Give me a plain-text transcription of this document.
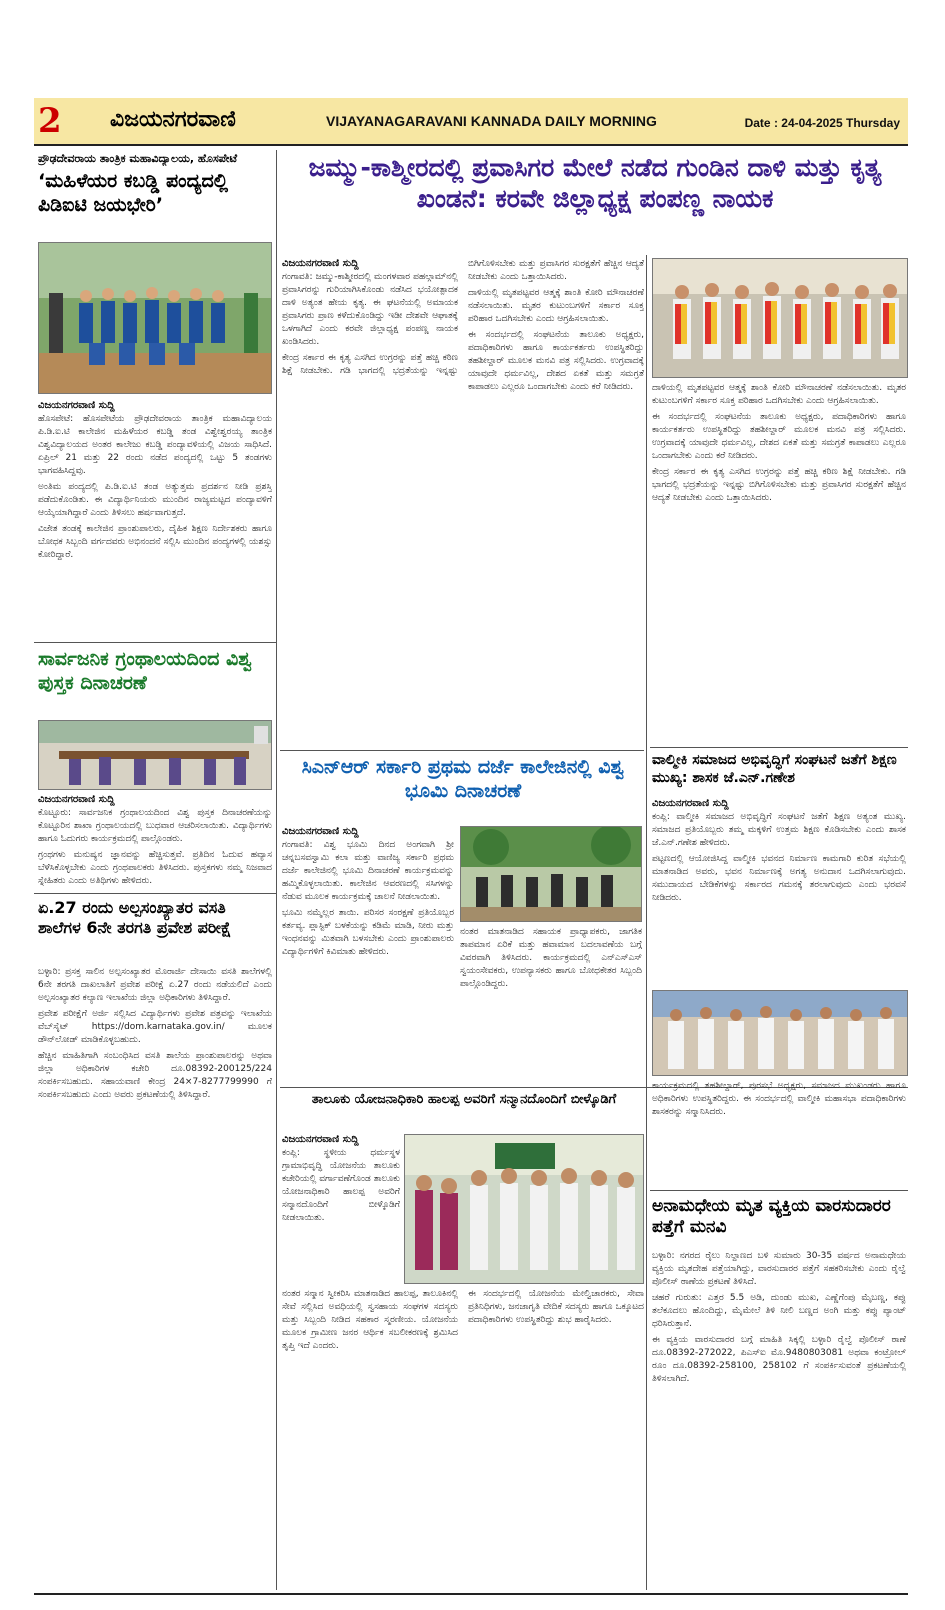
2	ವಿಜಯನಗರವಾಣಿ	VIJAYANAGARAVANI KANNADA DAILY MORNING	Date : 24-04-2025 Thursday
ಪ್ರೌಢದೇವರಾಯ ತಾಂತ್ರಿಕ ಮಹಾವಿದ್ಯಾಲಯ, ಹೊಸಪೇಟೆ
‘ಮಹಿಳೆಯರ ಕಬಡ್ಡಿ ಪಂದ್ಯದಲ್ಲಿ ಪಿಡಿಐಟಿ ಜಯಭೇರಿ’
ವಿಜಯನಗರವಾಣಿ ಸುದ್ದಿ

ಹೊಸಪೇಟೆ: ಹೊಸಪೇಟೆಯ ಪ್ರೌಢದೇವರಾಯ ತಾಂತ್ರಿಕ ಮಹಾವಿದ್ಯಾಲಯ ಪಿ.ಡಿ.ಐ.ಟಿ ಕಾಲೇಜಿನ ಮಹಿಳೆಯರ ಕಬಡ್ಡಿ ತಂಡ ವಿಶ್ವೇಶ್ವರಯ್ಯ ತಾಂತ್ರಿಕ ವಿಶ್ವವಿದ್ಯಾಲಯದ ಅಂತರ ಕಾಲೇಜು ಕಬಡ್ಡಿ ಪಂದ್ಯಾವಳಿಯಲ್ಲಿ ವಿಜಯ ಸಾಧಿಸಿದೆ. ಏಪ್ರಿಲ್ 21 ಮತ್ತು 22 ರಂದು ನಡೆದ ಪಂದ್ಯದಲ್ಲಿ ಒಟ್ಟು 5 ತಂಡಗಳು ಭಾಗವಹಿಸಿದ್ದವು.

ಅಂತಿಮ ಪಂದ್ಯದಲ್ಲಿ ಪಿ.ಡಿ.ಐ.ಟಿ ತಂಡ ಅತ್ಯುತ್ತಮ ಪ್ರದರ್ಶನ ನೀಡಿ ಪ್ರಶಸ್ತಿ ಪಡೆದುಕೊಂಡಿತು. ಈ ವಿದ್ಯಾರ್ಥಿನಿಯರು ಮುಂದಿನ ರಾಜ್ಯಮಟ್ಟದ ಪಂದ್ಯಾವಳಿಗೆ ಆಯ್ಕೆಯಾಗಿದ್ದಾರೆ ಎಂದು ತಿಳಿಸಲು ಹರ್ಷವಾಗುತ್ತದೆ.

ವಿಜೇತ ತಂಡಕ್ಕೆ ಕಾಲೇಜಿನ ಪ್ರಾಂಶುಪಾಲರು, ದೈಹಿಕ ಶಿಕ್ಷಣ ನಿರ್ದೇಶಕರು ಹಾಗೂ ಬೋಧಕ ಸಿಬ್ಬಂದಿ ವರ್ಗದವರು ಅಭಿನಂದನೆ ಸಲ್ಲಿಸಿ ಮುಂದಿನ ಪಂದ್ಯಗಳಲ್ಲಿ ಯಶಸ್ಸು ಕೋರಿದ್ದಾರೆ.

ಸಾರ್ವಜನಿಕ ಗ್ರಂಥಾಲಯದಿಂದ ವಿಶ್ವ ಪುಸ್ತಕ ದಿನಾಚರಣೆ
ವಿಜಯನಗರವಾಣಿ ಸುದ್ದಿ

ಕೊಟ್ಟೂರು: ಸಾರ್ವಜನಿಕ ಗ್ರಂಥಾಲಯದಿಂದ ವಿಶ್ವ ಪುಸ್ತಕ ದಿನಾಚರಣೆಯನ್ನು ಕೊಟ್ಟೂರಿನ ಶಾಖಾ ಗ್ರಂಥಾಲಯದಲ್ಲಿ ಬುಧವಾರ ಆಚರಿಸಲಾಯಿತು. ವಿದ್ಯಾರ್ಥಿಗಳು ಹಾಗೂ ಓದುಗರು ಕಾರ್ಯಕ್ರಮದಲ್ಲಿ ಪಾಲ್ಗೊಂಡರು.

ಗ್ರಂಥಗಳು ಮನುಷ್ಯನ ಜ್ಞಾನವನ್ನು ಹೆಚ್ಚಿಸುತ್ತವೆ. ಪ್ರತಿದಿನ ಓದುವ ಹವ್ಯಾಸ ಬೆಳೆಸಿಕೊಳ್ಳಬೇಕು ಎಂದು ಗ್ರಂಥಪಾಲಕರು ತಿಳಿಸಿದರು. ಪುಸ್ತಕಗಳು ನಮ್ಮ ನಿಜವಾದ ಸ್ನೇಹಿತರು ಎಂದು ಅತಿಥಿಗಳು ಹೇಳಿದರು.

ಏ.27 ರಂದು ಅಲ್ಪಸಂಖ್ಯಾತರ ವಸತಿ ಶಾಲೆಗಳ 6ನೇ ತರಗತಿ ಪ್ರವೇಶ ಪರೀಕ್ಷೆ

ಬಳ್ಳಾರಿ: ಪ್ರಸಕ್ತ ಸಾಲಿನ ಅಲ್ಪಸಂಖ್ಯಾತರ ಮೊರಾರ್ಜಿ ದೇಸಾಯಿ ವಸತಿ ಶಾಲೆಗಳಲ್ಲಿ 6ನೇ ತರಗತಿ ದಾಖಲಾತಿಗೆ ಪ್ರವೇಶ ಪರೀಕ್ಷೆ ಏ.27 ರಂದು ನಡೆಯಲಿದೆ ಎಂದು ಅಲ್ಪಸಂಖ್ಯಾತರ ಕಲ್ಯಾಣ ಇಲಾಖೆಯ ಜಿಲ್ಲಾ ಅಧಿಕಾರಿಗಳು ತಿಳಿಸಿದ್ದಾರೆ.

ಪ್ರವೇಶ ಪರೀಕ್ಷೆಗೆ ಅರ್ಜಿ ಸಲ್ಲಿಸಿದ ವಿದ್ಯಾರ್ಥಿಗಳು ಪ್ರವೇಶ ಪತ್ರವನ್ನು ಇಲಾಖೆಯ ವೆಬ್‌ಸೈಟ್ https://dom.karnataka.gov.in/ ಮೂಲಕ ಡೌನ್‌ಲೋಡ್ ಮಾಡಿಕೊಳ್ಳಬಹುದು.

ಹೆಚ್ಚಿನ ಮಾಹಿತಿಗಾಗಿ ಸಂಬಂಧಿಸಿದ ವಸತಿ ಶಾಲೆಯ ಪ್ರಾಂಶುಪಾಲರನ್ನು ಅಥವಾ ಜಿಲ್ಲಾ ಅಧಿಕಾರಿಗಳ ಕಚೇರಿ ದೂ.08392-200125/224 ಸಂಪರ್ಕಿಸಬಹುದು. ಸಹಾಯವಾಣಿ ಕೇಂದ್ರ 24×7-8277799990 ಗೆ ಸಂಪರ್ಕಿಸಬಹುದು ಎಂದು ಅವರು ಪ್ರಕಟಣೆಯಲ್ಲಿ ತಿಳಿಸಿದ್ದಾರೆ.

ಜಮ್ಮು-ಕಾಶ್ಮೀರದಲ್ಲಿ ಪ್ರವಾಸಿಗರ ಮೇಲೆ ನಡೆದ ಗುಂಡಿನ ದಾಳಿ ಮತ್ತು ಕೃತ್ಯ ಖಂಡನೆ: ಕರವೇ ಜಿಲ್ಲಾಧ್ಯಕ್ಷ ಪಂಪಣ್ಣ ನಾಯಕ
ವಿಜಯನಗರವಾಣಿ ಸುದ್ದಿ

ಗಂಗಾವತಿ: ಜಮ್ಮು-ಕಾಶ್ಮೀರದಲ್ಲಿ ಮಂಗಳವಾರ ಪಹಲ್ಗಾಮ್‌ನಲ್ಲಿ ಪ್ರವಾಸಿಗರನ್ನು ಗುರಿಯಾಗಿಸಿಕೊಂಡು ನಡೆಸಿದ ಭಯೋತ್ಪಾದಕ ದಾಳಿ ಅತ್ಯಂತ ಹೇಯ ಕೃತ್ಯ. ಈ ಘಟನೆಯಲ್ಲಿ ಅಮಾಯಕ ಪ್ರವಾಸಿಗರು ಪ್ರಾಣ ಕಳೆದುಕೊಂಡಿದ್ದು ಇಡೀ ದೇಶವೇ ಆಘಾತಕ್ಕೆ ಒಳಗಾಗಿದೆ ಎಂದು ಕರವೇ ಜಿಲ್ಲಾಧ್ಯಕ್ಷ ಪಂಪಣ್ಣ ನಾಯಕ ಖಂಡಿಸಿದರು.

ಕೇಂದ್ರ ಸರ್ಕಾರ ಈ ಕೃತ್ಯ ಎಸಗಿದ ಉಗ್ರರನ್ನು ಪತ್ತೆ ಹಚ್ಚಿ ಕಠಿಣ ಶಿಕ್ಷೆ ನೀಡಬೇಕು. ಗಡಿ ಭಾಗದಲ್ಲಿ ಭದ್ರತೆಯನ್ನು ಇನ್ನಷ್ಟು ಬಿಗಿಗೊಳಿಸಬೇಕು ಮತ್ತು ಪ್ರವಾಸಿಗರ ಸುರಕ್ಷತೆಗೆ ಹೆಚ್ಚಿನ ಆದ್ಯತೆ ನೀಡಬೇಕು ಎಂದು ಒತ್ತಾಯಿಸಿದರು.

ದಾಳಿಯಲ್ಲಿ ಮೃತಪಟ್ಟವರ ಆತ್ಮಕ್ಕೆ ಶಾಂತಿ ಕೋರಿ ಮೌನಾಚರಣೆ ನಡೆಸಲಾಯಿತು. ಮೃತರ ಕುಟುಂಬಗಳಿಗೆ ಸರ್ಕಾರ ಸೂಕ್ತ ಪರಿಹಾರ ಒದಗಿಸಬೇಕು ಎಂದು ಆಗ್ರಹಿಸಲಾಯಿತು.

ಈ ಸಂದರ್ಭದಲ್ಲಿ ಸಂಘಟನೆಯ ತಾಲೂಕು ಅಧ್ಯಕ್ಷರು, ಪದಾಧಿಕಾರಿಗಳು ಹಾಗೂ ಕಾರ್ಯಕರ್ತರು ಉಪಸ್ಥಿತರಿದ್ದು ತಹಶೀಲ್ದಾರ್ ಮೂಲಕ ಮನವಿ ಪತ್ರ ಸಲ್ಲಿಸಿದರು. ಉಗ್ರವಾದಕ್ಕೆ ಯಾವುದೇ ಧರ್ಮವಿಲ್ಲ, ದೇಶದ ಏಕತೆ ಮತ್ತು ಸಮಗ್ರತೆ ಕಾಪಾಡಲು ಎಲ್ಲರೂ ಒಂದಾಗಬೇಕು ಎಂದು ಕರೆ ನೀಡಿದರು.	ದಾಳಿಯಲ್ಲಿ ಮೃತಪಟ್ಟವರ ಆತ್ಮಕ್ಕೆ ಶಾಂತಿ ಕೋರಿ ಮೌನಾಚರಣೆ ನಡೆಸಲಾಯಿತು. ಮೃತರ ಕುಟುಂಬಗಳಿಗೆ ಸರ್ಕಾರ ಸೂಕ್ತ ಪರಿಹಾರ ಒದಗಿಸಬೇಕು ಎಂದು ಆಗ್ರಹಿಸಲಾಯಿತು.

ಈ ಸಂದರ್ಭದಲ್ಲಿ ಸಂಘಟನೆಯ ತಾಲೂಕು ಅಧ್ಯಕ್ಷರು, ಪದಾಧಿಕಾರಿಗಳು ಹಾಗೂ ಕಾರ್ಯಕರ್ತರು ಉಪಸ್ಥಿತರಿದ್ದು ತಹಶೀಲ್ದಾರ್ ಮೂಲಕ ಮನವಿ ಪತ್ರ ಸಲ್ಲಿಸಿದರು. ಉಗ್ರವಾದಕ್ಕೆ ಯಾವುದೇ ಧರ್ಮವಿಲ್ಲ, ದೇಶದ ಏಕತೆ ಮತ್ತು ಸಮಗ್ರತೆ ಕಾಪಾಡಲು ಎಲ್ಲರೂ ಒಂದಾಗಬೇಕು ಎಂದು ಕರೆ ನೀಡಿದರು.

ಕೇಂದ್ರ ಸರ್ಕಾರ ಈ ಕೃತ್ಯ ಎಸಗಿದ ಉಗ್ರರನ್ನು ಪತ್ತೆ ಹಚ್ಚಿ ಕಠಿಣ ಶಿಕ್ಷೆ ನೀಡಬೇಕು. ಗಡಿ ಭಾಗದಲ್ಲಿ ಭದ್ರತೆಯನ್ನು ಇನ್ನಷ್ಟು ಬಿಗಿಗೊಳಿಸಬೇಕು ಮತ್ತು ಪ್ರವಾಸಿಗರ ಸುರಕ್ಷತೆಗೆ ಹೆಚ್ಚಿನ ಆದ್ಯತೆ ನೀಡಬೇಕು ಎಂದು ಒತ್ತಾಯಿಸಿದರು.

ಸಿಎನ್‌ಆರ್ ಸರ್ಕಾರಿ ಪ್ರಥಮ ದರ್ಜೆ ಕಾಲೇಜಿನಲ್ಲಿ ವಿಶ್ವ ಭೂಮಿ ದಿನಾಚರಣೆ
ವಿಜಯನಗರವಾಣಿ ಸುದ್ದಿ

ಗಂಗಾವತಿ: ವಿಶ್ವ ಭೂಮಿ ದಿನದ ಅಂಗವಾಗಿ ಶ್ರೀ ಚನ್ನಬಸವಸ್ವಾಮಿ ಕಲಾ ಮತ್ತು ವಾಣಿಜ್ಯ ಸರ್ಕಾರಿ ಪ್ರಥಮ ದರ್ಜೆ ಕಾಲೇಜಿನಲ್ಲಿ ಭೂಮಿ ದಿನಾಚರಣೆ ಕಾರ್ಯಕ್ರಮವನ್ನು ಹಮ್ಮಿಕೊಳ್ಳಲಾಯಿತು. ಕಾಲೇಜಿನ ಆವರಣದಲ್ಲಿ ಸಸಿಗಳನ್ನು ನೆಡುವ ಮೂಲಕ ಕಾರ್ಯಕ್ರಮಕ್ಕೆ ಚಾಲನೆ ನೀಡಲಾಯಿತು.

ಭೂಮಿ ನಮ್ಮೆಲ್ಲರ ತಾಯಿ. ಪರಿಸರ ಸಂರಕ್ಷಣೆ ಪ್ರತಿಯೊಬ್ಬರ ಕರ್ತವ್ಯ. ಪ್ಲಾಸ್ಟಿಕ್ ಬಳಕೆಯನ್ನು ಕಡಿಮೆ ಮಾಡಿ, ನೀರು ಮತ್ತು ಇಂಧನವನ್ನು ಮಿತವಾಗಿ ಬಳಸಬೇಕು ಎಂದು ಪ್ರಾಂಶುಪಾಲರು ವಿದ್ಯಾರ್ಥಿಗಳಿಗೆ ಕಿವಿಮಾತು ಹೇಳಿದರು.

ನಂತರ ಮಾತನಾಡಿದ ಸಹಾಯಕ ಪ್ರಾಧ್ಯಾಪಕರು, ಜಾಗತಿಕ ತಾಪಮಾನ ಏರಿಕೆ ಮತ್ತು ಹವಾಮಾನ ಬದಲಾವಣೆಯ ಬಗ್ಗೆ ವಿವರವಾಗಿ ತಿಳಿಸಿದರು. ಕಾರ್ಯಕ್ರಮದಲ್ಲಿ ಎನ್‌ಎಸ್‌ಎಸ್ ಸ್ವಯಂಸೇವಕರು, ಉಪನ್ಯಾಸಕರು ಹಾಗೂ ಬೋಧಕೇತರ ಸಿಬ್ಬಂದಿ ಪಾಲ್ಗೊಂಡಿದ್ದರು.

ವಾಲ್ಮೀಕಿ ಸಮಾಜದ ಅಭಿವೃದ್ಧಿಗೆ ಸಂಘಟನೆ ಜತೆಗೆ ಶಿಕ್ಷಣ ಮುಖ್ಯ: ಶಾಸಕ ಜೆ.ಎನ್.ಗಣೇಶ
ವಿಜಯನಗರವಾಣಿ ಸುದ್ದಿ

ಕಂಪ್ಲಿ: ವಾಲ್ಮೀಕಿ ಸಮಾಜದ ಅಭಿವೃದ್ಧಿಗೆ ಸಂಘಟನೆ ಜತೆಗೆ ಶಿಕ್ಷಣ ಅತ್ಯಂತ ಮುಖ್ಯ. ಸಮಾಜದ ಪ್ರತಿಯೊಬ್ಬರು ತಮ್ಮ ಮಕ್ಕಳಿಗೆ ಉತ್ತಮ ಶಿಕ್ಷಣ ಕೊಡಿಸಬೇಕು ಎಂದು ಶಾಸಕ ಜೆ.ಎನ್.ಗಣೇಶ ಹೇಳಿದರು.

ಪಟ್ಟಣದಲ್ಲಿ ಆಯೋಜಿಸಿದ್ದ ವಾಲ್ಮೀಕಿ ಭವನದ ನಿರ್ಮಾಣ ಕಾಮಗಾರಿ ಕುರಿತ ಸಭೆಯಲ್ಲಿ ಮಾತನಾಡಿದ ಅವರು, ಭವನ ನಿರ್ಮಾಣಕ್ಕೆ ಅಗತ್ಯ ಅನುದಾನ ಒದಗಿಸಲಾಗುವುದು. ಸಮುದಾಯದ ಬೇಡಿಕೆಗಳನ್ನು ಸರ್ಕಾರದ ಗಮನಕ್ಕೆ ತರಲಾಗುವುದು ಎಂದು ಭರವಸೆ ನೀಡಿದರು.

ಕಾರ್ಯಕ್ರಮದಲ್ಲಿ ತಹಶೀಲ್ದಾರ್, ಪುರಸಭೆ ಅಧ್ಯಕ್ಷರು, ಸಮಾಜದ ಮುಖಂಡರು ಹಾಗೂ ಅಧಿಕಾರಿಗಳು ಉಪಸ್ಥಿತರಿದ್ದರು. ಈ ಸಂದರ್ಭದಲ್ಲಿ ವಾಲ್ಮೀಕಿ ಮಹಾಸಭಾ ಪದಾಧಿಕಾರಿಗಳು ಶಾಸಕರನ್ನು ಸನ್ಮಾನಿಸಿದರು.

ತಾಲೂಕು ಯೋಜನಾಧಿಕಾರಿ ಹಾಲಪ್ಪ ಅವರಿಗೆ ಸನ್ಮಾನದೊಂದಿಗೆ ಬೀಳ್ಕೊಡಿಗೆ
ವಿಜಯನಗರವಾಣಿ ಸುದ್ದಿ

ಕಂಪ್ಲಿ: ಸ್ಥಳೀಯ ಧರ್ಮಸ್ಥಳ ಗ್ರಾಮಾಭಿವೃದ್ಧಿ ಯೋಜನೆಯ ತಾಲೂಕು ಕಚೇರಿಯಲ್ಲಿ ವರ್ಗಾವಣೆಗೊಂಡ ತಾಲೂಕು ಯೋಜನಾಧಿಕಾರಿ ಹಾಲಪ್ಪ ಅವರಿಗೆ ಸನ್ಮಾನದೊಂದಿಗೆ ಬೀಳ್ಕೊಡಿಗೆ ನೀಡಲಾಯಿತು.

ನಂತರ ಸನ್ಮಾನ ಸ್ವೀಕರಿಸಿ ಮಾತನಾಡಿದ ಹಾಲಪ್ಪ, ತಾಲೂಕಿನಲ್ಲಿ ಸೇವೆ ಸಲ್ಲಿಸಿದ ಅವಧಿಯಲ್ಲಿ ಸ್ವಸಹಾಯ ಸಂಘಗಳ ಸದಸ್ಯರು ಮತ್ತು ಸಿಬ್ಬಂದಿ ನೀಡಿದ ಸಹಕಾರ ಸ್ಮರಣೀಯ. ಯೋಜನೆಯ ಮೂಲಕ ಗ್ರಾಮೀಣ ಜನರ ಆರ್ಥಿಕ ಸಬಲೀಕರಣಕ್ಕೆ ಶ್ರಮಿಸಿದ ತೃಪ್ತಿ ಇದೆ ಎಂದರು.

ಈ ಸಂದರ್ಭದಲ್ಲಿ ಯೋಜನೆಯ ಮೇಲ್ವಿಚಾರಕರು, ಸೇವಾ ಪ್ರತಿನಿಧಿಗಳು, ಜನಜಾಗೃತಿ ವೇದಿಕೆ ಸದಸ್ಯರು ಹಾಗೂ ಒಕ್ಕೂಟದ ಪದಾಧಿಕಾರಿಗಳು ಉಪಸ್ಥಿತರಿದ್ದು ಶುಭ ಹಾರೈಸಿದರು.

ಅನಾಮಧೇಯ ಮೃತ ವ್ಯಕ್ತಿಯ ವಾರಸುದಾರರ ಪತ್ತೆಗೆ ಮನವಿ

ಬಳ್ಳಾರಿ: ನಗರದ ರೈಲು ನಿಲ್ದಾಣದ ಬಳಿ ಸುಮಾರು 30-35 ವರ್ಷದ ಅನಾಮಧೇಯ ವ್ಯಕ್ತಿಯ ಮೃತದೇಹ ಪತ್ತೆಯಾಗಿದ್ದು, ವಾರಸುದಾರರ ಪತ್ತೆಗೆ ಸಹಕರಿಸಬೇಕು ಎಂದು ರೈಲ್ವೆ ಪೊಲೀಸ್ ಠಾಣೆಯ ಪ್ರಕಟಣೆ ತಿಳಿಸಿದೆ.

ಚಹರೆ ಗುರುತು: ಎತ್ತರ 5.5 ಅಡಿ, ದುಂಡು ಮುಖ, ಎಣ್ಣೆಗೆಂಪು ಮೈಬಣ್ಣ, ಕಪ್ಪು ತಲೆಕೂದಲು ಹೊಂದಿದ್ದು, ಮೈಮೇಲೆ ತಿಳಿ ನೀಲಿ ಬಣ್ಣದ ಅಂಗಿ ಮತ್ತು ಕಪ್ಪು ಪ್ಯಾಂಟ್ ಧರಿಸಿರುತ್ತಾನೆ.

ಈ ವ್ಯಕ್ತಿಯ ವಾರಸುದಾರರ ಬಗ್ಗೆ ಮಾಹಿತಿ ಸಿಕ್ಕಲ್ಲಿ ಬಳ್ಳಾರಿ ರೈಲ್ವೆ ಪೊಲೀಸ್ ಠಾಣೆ ದೂ.08392-272022, ಪಿಎಸ್ಐ ಮೊ.9480803081 ಅಥವಾ ಕಂಟ್ರೋಲ್ ರೂಂ ದೂ.08392-258100, 258102 ಗೆ ಸಂಪರ್ಕಿಸುವಂತೆ ಪ್ರಕಟಣೆಯಲ್ಲಿ ತಿಳಿಸಲಾಗಿದೆ.
